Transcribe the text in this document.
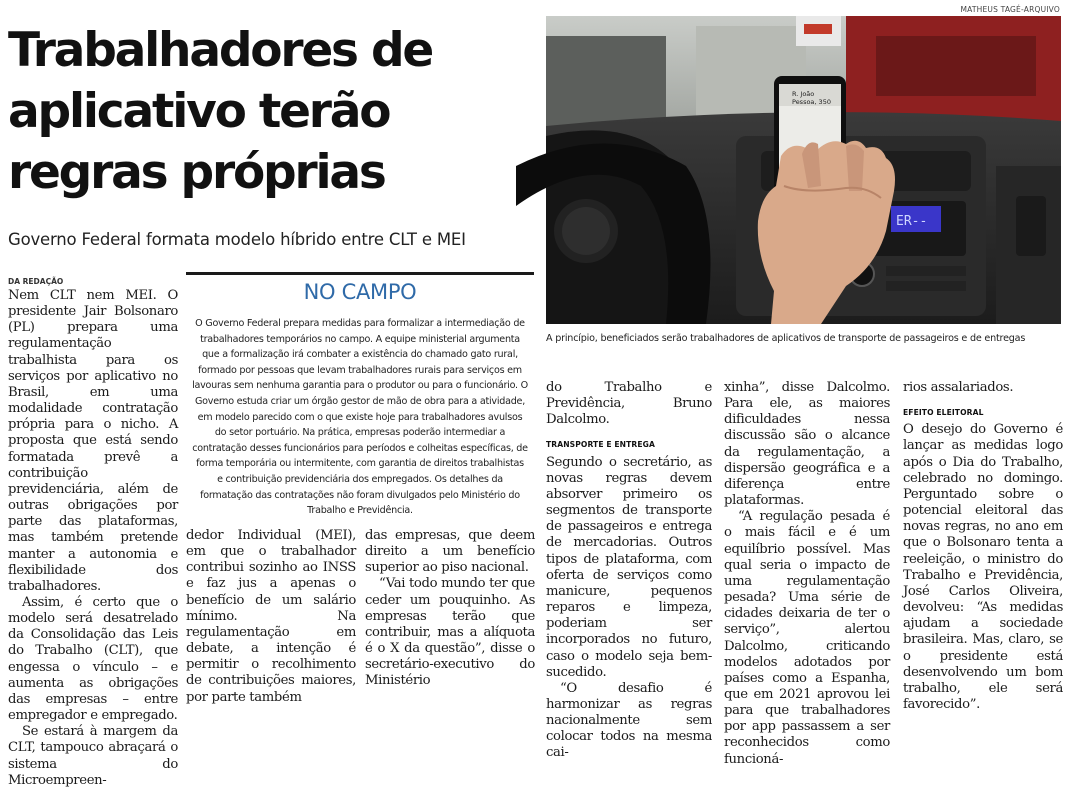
MATHEUS TAGÉ-ARQUIVO
Trabalhadores de
aplicativo terão
regras próprias
Governo Federal formata modelo híbrido entre CLT e MEI
ER--
R. João
Pessoa, 350
A princípio, beneficiados serão trabalhadores de aplicativos de transporte de passageiros e de entregas
DA REDAÇÃO

Nem CLT nem MEI. O presidente Jair Bolsonaro (PL) prepara uma regulamentação trabalhista para os serviços por aplicativo no Brasil, em uma modalidade contratação própria para o nicho. A proposta que está sendo formatada prevê a contribuição previdenciária, além de outras obrigações por parte das plataformas, mas também pretende manter a autonomia e flexibilidade dos trabalhadores.

Assim, é certo que o modelo será desatrelado da Consolidação das Leis do Trabalho (CLT), que engessa o vínculo – e aumenta as obrigações das empresas – entre empregador e empregado.

Se estará à margem da CLT, tampouco abraçará o sistema do Microempreen-

NO CAMPO
O Governo Federal prepara medidas para formalizar a intermediação de trabalhadores temporários no campo. A equipe ministerial argumenta que a formalização irá combater a existência do chamado gato rural, formado por pessoas que levam trabalhadores rurais para serviços em lavouras sem nenhuma garantia para o produtor ou para o funcionário. O Governo estuda criar um órgão gestor de mão de obra para a atividade, em modelo parecido com o que existe hoje para trabalhadores avulsos do setor portuário. Na prática, empresas poderão intermediar a contratação desses funcionários para períodos e colheitas específicas, de forma temporária ou intermitente, com garantia de direitos trabalhistas e contribuição previdenciária dos empregados. Os detalhes da formatação das contratações não foram divulgados pelo Ministério do Trabalho e Previdência.

dedor Individual (MEI), em que o trabalhador contribui sozinho ao INSS e faz jus a apenas o benefício de um salário mínimo. Na regulamentação em debate, a intenção é permitir o recolhimento de contribuições maiores, por parte também

das empresas, que deem direito a um benefício superior ao piso nacional.

“Vai todo mundo ter que ceder um pouquinho. As empresas terão que contribuir, mas a alíquota é o X da questão”, disse o secretário-executivo do Ministério

do Trabalho e Previdência, Bruno Dalcolmo.

TRANSPORTE E ENTREGA

Segundo o secretário, as novas regras devem absorver primeiro os segmentos de transporte de passageiros e entrega de mercadorias. Outros tipos de plataforma, com oferta de serviços como manicure, pequenos reparos e limpeza, poderiam ser incorporados no futuro, caso o modelo seja bem-sucedido.

“O desafio é harmonizar as regras nacionalmente sem colocar todos na mesma cai-

xinha”, disse Dalcolmo. Para ele, as maiores dificuldades nessa discussão são o alcance da regulamentação, a dispersão geográfica e a diferença entre plataformas.

“A regulação pesada é o mais fácil e é um equilíbrio possível. Mas qual seria o impacto de uma regulamentação pesada? Uma série de cidades deixaria de ter o serviço”, alertou Dalcolmo, criticando modelos adotados por países como a Espanha, que em 2021 aprovou lei para que trabalhadores por app passassem a ser reconhecidos como funcioná-

rios assalariados.

EFEITO ELEITORAL

O desejo do Governo é lançar as medidas logo após o Dia do Trabalho, celebrado no domingo. Perguntado sobre o potencial eleitoral das novas regras, no ano em que o Bolsonaro tenta a reeleição, o ministro do Trabalho e Previdência, José Carlos Oliveira, devolveu: “As medidas ajudam a sociedade brasileira. Mas, claro, se o presidente está desenvolvendo um bom trabalho, ele será favorecido”.
